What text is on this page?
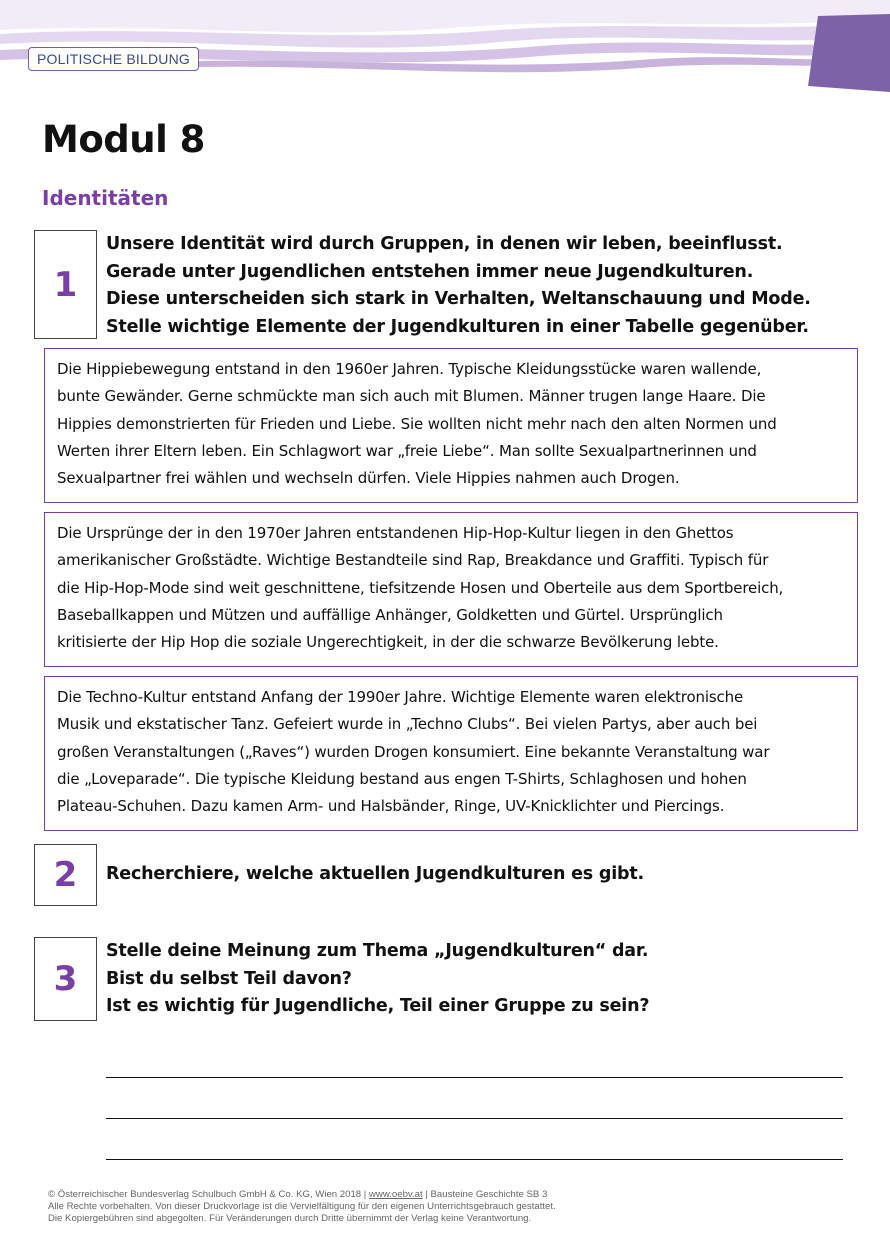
POLITISCHE BILDUNG
Modul 8
Identitäten
1
Unsere Identität wird durch Gruppen, in denen wir leben, beeinflusst.
Gerade unter Jugendlichen entstehen immer neue Jugendkulturen.
Diese unterscheiden sich stark in Verhalten, Weltanschauung und Mode.
Stelle wichtige Elemente der Jugendkulturen in einer Tabelle gegenüber.
Die Hippiebewegung entstand in den 1960er Jahren. Typische Kleidungsstücke waren wallende,
bunte Gewänder. Gerne schmückte man sich auch mit Blumen. Männer trugen lange Haare. Die
Hippies demonstrierten für Frieden und Liebe. Sie wollten nicht mehr nach den alten Normen und
Werten ihrer Eltern leben. Ein Schlagwort war „freie Liebe“. Man sollte Sexualpartnerinnen und
Sexualpartner frei wählen und wechseln dürfen. Viele Hippies nahmen auch Drogen.
Die Ursprünge der in den 1970er Jahren entstandenen Hip-Hop-Kultur liegen in den Ghettos
amerikanischer Großstädte. Wichtige Bestandteile sind Rap, Breakdance und Graffiti. Typisch für
die Hip-Hop-Mode sind weit geschnittene, tiefsitzende Hosen und Oberteile aus dem Sportbereich,
Baseballkappen und Mützen und auffällige Anhänger, Goldketten und Gürtel. Ursprünglich
kritisierte der Hip Hop die soziale Ungerechtigkeit, in der die schwarze Bevölkerung lebte.
Die Techno-Kultur entstand Anfang der 1990er Jahre. Wichtige Elemente waren elektronische
Musik und ekstatischer Tanz. Gefeiert wurde in „Techno Clubs“. Bei vielen Partys, aber auch bei
großen Veranstaltungen („Raves“) wurden Drogen konsumiert. Eine bekannte Veranstaltung war
die „Loveparade“. Die typische Kleidung bestand aus engen T-Shirts, Schlaghosen und hohen
Plateau-Schuhen. Dazu kamen Arm- und Halsbänder, Ringe, UV-Knicklichter und Piercings.
2	Recherchiere, welche aktuellen Jugendkulturen es gibt.
3
Stelle deine Meinung zum Thema „Jugendkulturen“ dar.
Bist du selbst Teil davon?
Ist es wichtig für Jugendliche, Teil einer Gruppe zu sein?
© Österreichischer Bundesverlag Schulbuch GmbH & Co. KG, Wien 2018 | www.oebv.at | Bausteine Geschichte SB 3
Alle Rechte vorbehalten. Von dieser Druckvorlage ist die Vervielfältigung für den eigenen Unterrichtsgebrauch gestattet.
Die Kopiergebühren sind abgegolten. Für Veränderungen durch Dritte übernimmt der Verlag keine Verantwortung.
